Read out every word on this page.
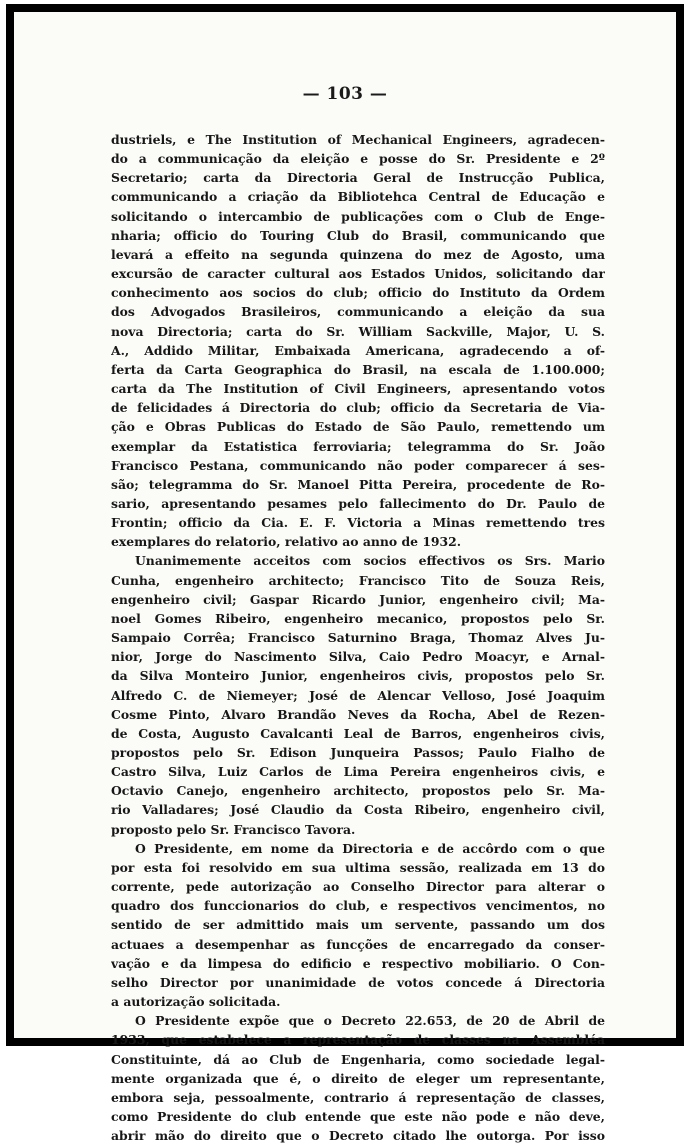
— 103 —
dustriels, e The Institution of Mechanical Engineers, agradecen-
do a communicação da eleição e posse do Sr. Presidente e 2º
Secretario; carta da Directoria Geral de Instrucção Publica,
communicando a criação da Bibliotehca Central de Educação e
solicitando o intercambio de publicações com o Club de Enge-
nharia; officio do Touring Club do Brasil, communicando que
levará a effeito na segunda quinzena do mez de Agosto, uma
excursão de caracter cultural aos Estados Unidos, solicitando dar
conhecimento aos socios do club; officio do Instituto da Ordem
dos Advogados Brasileiros, communicando a eleição da sua
nova Directoria; carta do Sr. William Sackville, Major, U. S.
A., Addido Militar, Embaixada Americana, agradecendo a of-
ferta da Carta Geographica do Brasil, na escala de 1.100.000;
carta da The Institution of Civil Engineers, apresentando votos
de felicidades á Directoria do club; officio da Secretaria de Via-
ção e Obras Publicas do Estado de São Paulo, remettendo um
exemplar da Estatistica ferroviaria; telegramma do Sr. João
Francisco Pestana, communicando não poder comparecer á ses-
são; telegramma do Sr. Manoel Pitta Pereira, procedente de Ro-
sario, apresentando pesames pelo fallecimento do Dr. Paulo de
Frontin; officio da Cia. E. F. Victoria a Minas remettendo tres
exemplares do relatorio, relativo ao anno de 1932.
Unanimemente acceitos com socios effectivos os Srs. Mario
Cunha, engenheiro architecto; Francisco Tito de Souza Reis,
engenheiro civil; Gaspar Ricardo Junior, engenheiro civil; Ma-
noel Gomes Ribeiro, engenheiro mecanico, propostos pelo Sr.
Sampaio Corrêa; Francisco Saturnino Braga, Thomaz Alves Ju-
nior, Jorge do Nascimento Silva, Caio Pedro Moacyr, e Arnal-
da Silva Monteiro Junior, engenheiros civis, propostos pelo Sr.
Alfredo C. de Niemeyer; José de Alencar Velloso, José Joaquim
Cosme Pinto, Alvaro Brandão Neves da Rocha, Abel de Rezen-
de Costa, Augusto Cavalcanti Leal de Barros, engenheiros civis,
propostos pelo Sr. Edison Junqueira Passos; Paulo Fialho de
Castro Silva, Luiz Carlos de Lima Pereira engenheiros civis, e
Octavio Canejo, engenheiro architecto, propostos pelo Sr. Ma-
rio Valladares; José Claudio da Costa Ribeiro, engenheiro civil,
proposto pelo Sr. Francisco Tavora.
O Presidente, em nome da Directoria e de accôrdo com o que
por esta foi resolvido em sua ultima sessão, realizada em 13 do
corrente, pede autorização ao Conselho Director para alterar o
quadro dos funccionarios do club, e respectivos vencimentos, no
sentido de ser admittido mais um servente, passando um dos
actuaes a desempenhar as funcções de encarregado da conser-
vação e da limpesa do edificio e respectivo mobiliario. O Con-
selho Director por unanimidade de votos concede á Directoria
a autorização solicitada.
O Presidente expõe que o Decreto 22.653, de 20 de Abril de
1933, que estabelece a representação de classes na Assembléa
Constituinte, dá ao Club de Engenharia, como sociedade legal-
mente organizada que é, o direito de eleger um representante,
embora seja, pessoalmente, contrario á representação de classes,
como Presidente do club entende que este não pode e não deve,
abrir mão do direito que o Decreto citado lhe outorga. Por isso
